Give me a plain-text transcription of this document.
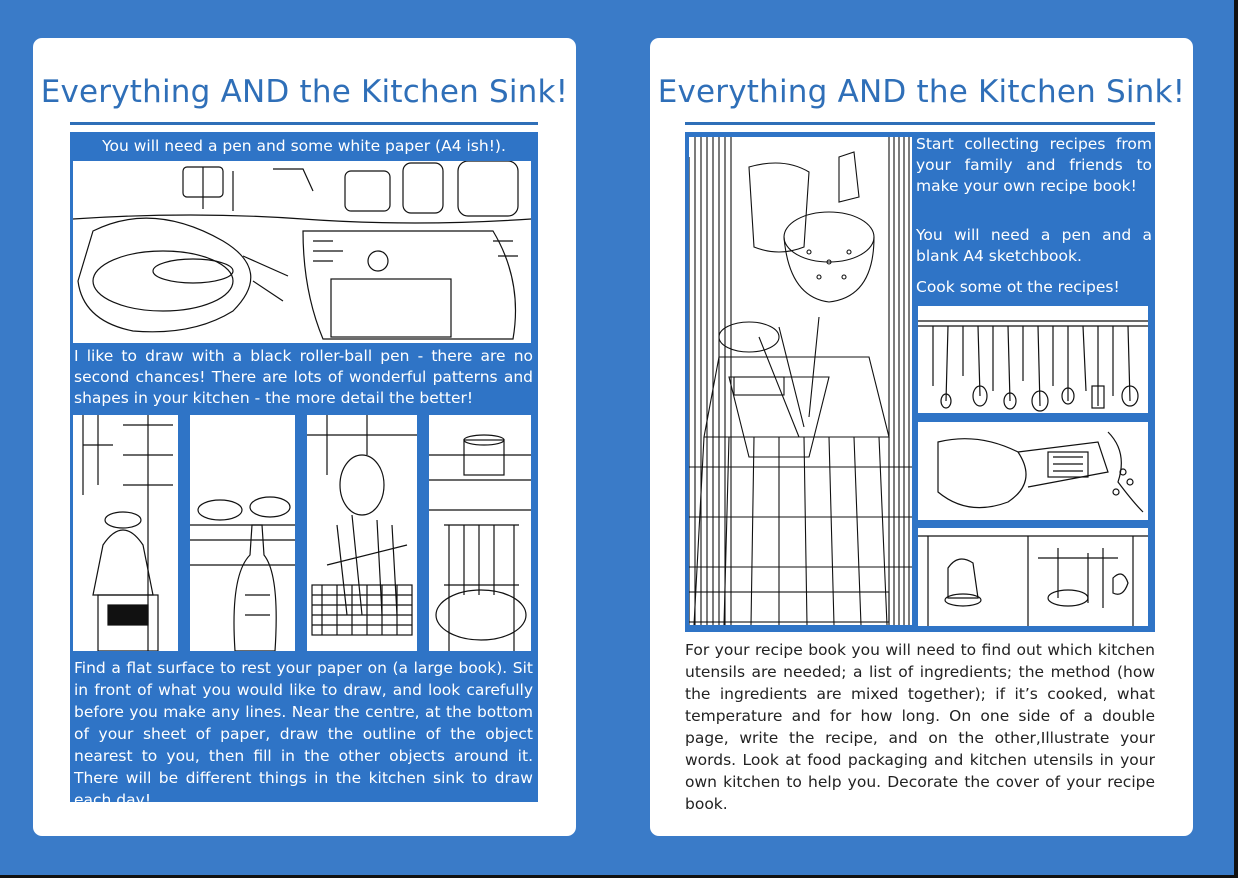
Everything AND the Kitchen Sink!
You will need a pen and some white paper (A4 ish!).
I like to draw with a black roller-ball pen - there are no second chances! There are lots of wonderful patterns and shapes in your kitchen - the more detail the better!
Find a flat surface to rest your paper on (a large book). Sit in front of what you would like to draw, and look carefully before you make any lines. Near the centre, at the bottom of your sheet of paper, draw the outline of the object nearest to you, then fill in the other objects around it. There will be different things in the kitchen sink to draw each day!
Everything AND the Kitchen Sink!
Start collecting recipes from your family and friends to make your own recipe book!
You will need a pen and a blank A4 sketchbook.
Cook some ot the recipes!
For your recipe book you will need to find out which kitchen utensils are needed; a list of ingredients; the method (how the ingredients are mixed together); if it’s cooked, what temperature and for how long. On one side of a double page, write the recipe, and on the other,Illustrate your words. Look at food packaging and kitchen utensils in your own kitchen to help you. Decorate the cover of your recipe book.
